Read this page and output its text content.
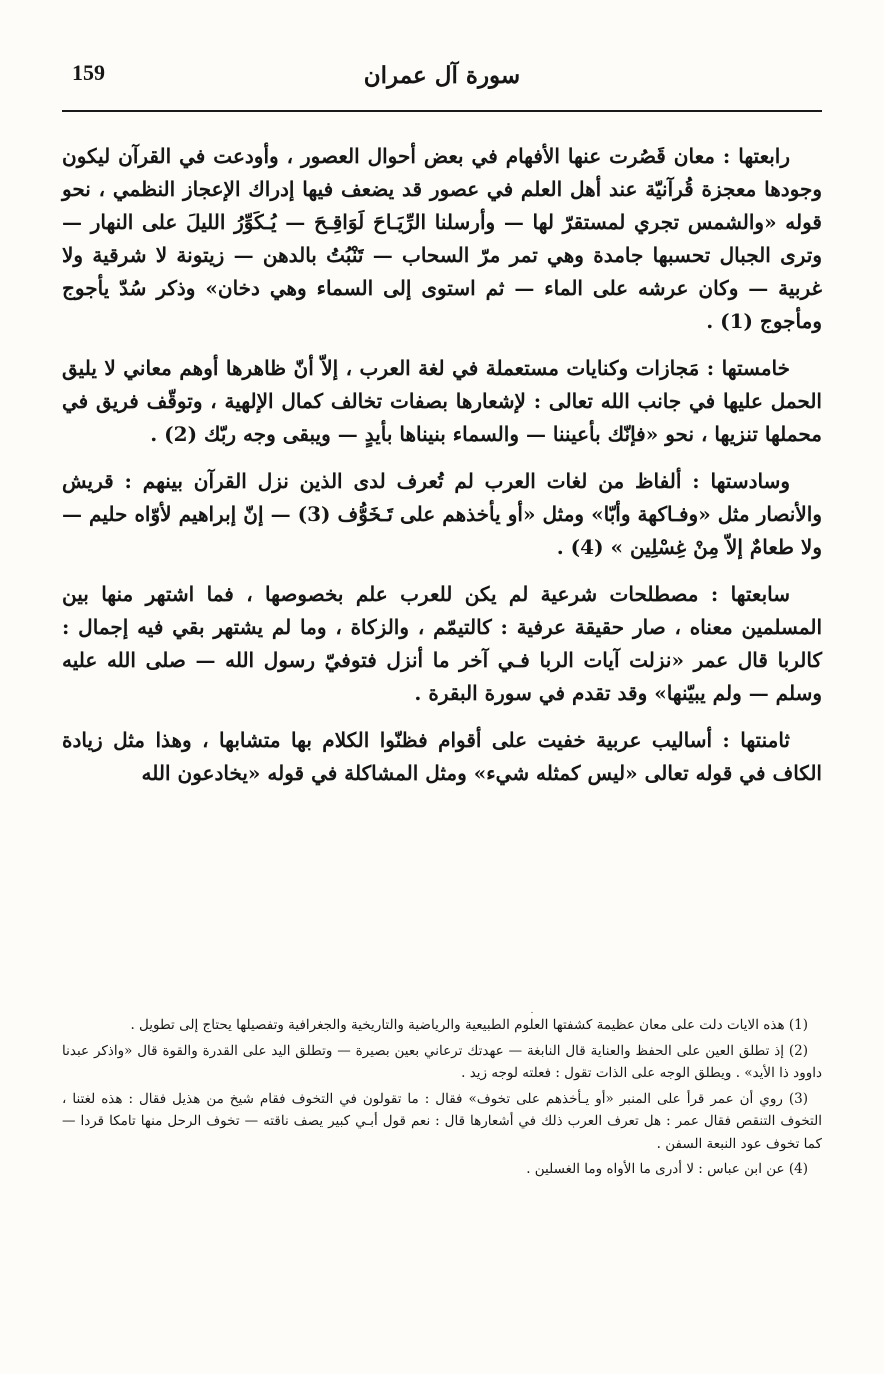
159	سورة آل عمران

رابعتها : معان قَصُرت عنها الأفهام في بعض أحوال العصور ، وأودعت في القرآن ليكون وجودها معجزة قُرآنيّة عند أهل العلم في عصور قد يضعف فيها إدراك الإعجاز النظمي ، نحو قوله «والشمس تجري لمستقرّ لها — وأرسلنا الرِّيَـاحَ لَوَاقِـحَ — يُـكَوِّرُ الليلَ على النهار — وترى الجبال تحسبها جامدة وهي تمر مرّ السحاب — تَنْبُتُ بالدهن — زيتونة لا شرقية ولا غربية — وكان عرشه على الماء — ثم استوى إلى السماء وهي دخان» وذكر سُدّ يأجوج ومأجوج (1) .

خامستها : مَجازات وكنايات مستعملة في لغة العرب ، إلاّ أنّ ظاهرها أوهم معاني لا يليق الحمل عليها في جانب الله تعالى : لإشعارها بصفات تخالف كمال الإلهية ، وتوقّف فريق في محملها تنزيها ، نحو «فإنّك بأعيننا — والسماء بنيناها بأيدٍ — ويبقى وجه ربّك (2) .

وسادستها : ألفاظ من لغات العرب لم تُعرف لدى الذين نزل القرآن بينهم : قريش والأنصار مثل «وفـاكهة وأبّا» ومثل «أو يأخذهم على تَـخَوُّف (3) — إنّ إبراهيم لأوّاه حليم — ولا طعامٌ إلاّ مِنْ غِسْلِين » (4) .

سابعتها : مصطلحات شرعية لم يكن للعرب علم بخصوصها ، فما اشتهر منها بين المسلمين معناه ، صار حقيقة عرفية : كالتيمّم ، والزكاة ، وما لم يشتهر بقي فيه إجمال : كالربا قال عمر «نزلت آيات الربا فـي آخر ما أنزل فتوفيّ رسول الله — صلى الله عليه وسلم — ولم يبيّنها» وقد تقدم في سورة البقرة .

ثامنتها : أساليب عربية خفيت على أقوام فظنّوا الكلام بها متشابها ، وهذا مثل زيادة الكاف في قوله تعالى «ليس كمثله شيء» ومثل المشاكلة في قوله «يخادعون الله

(1) هذه الايات دلت على معان عظيمة كشفتها العلوم الطبيعية والرياضية والتاريخية والجغرافية وتفصيلها يحتاج إلى تطويل .

(2) إذ تطلق العين على الحفظ والعناية قال النابغة — عهدتك ترعاني بعين بصيرة — وتطلق اليد على القدرة والقوة قال «واذكر عبدنا داوود ذا الأيد» . ويطلق الوجه على الذات تقول : فعلته لوجه زيد .

(3) روي أن عمر قرأ على المنبر «أو يـأخذهم على تخوف» فقال : ما تقولون في التخوف فقام شيخ من هذيل فقال : هذه لغتنا ، التخوف التنقص فقال عمر : هل تعرف العرب ذلك في أشعارها قال : نعم قول أبـي كبير يصف ناقته — تخوف الرحل منها تامكا قردا — كما تخوف عود النبعة السفن .

(4) عن ابن عباس : لا أدرى ما الأواه وما الغسلين .
